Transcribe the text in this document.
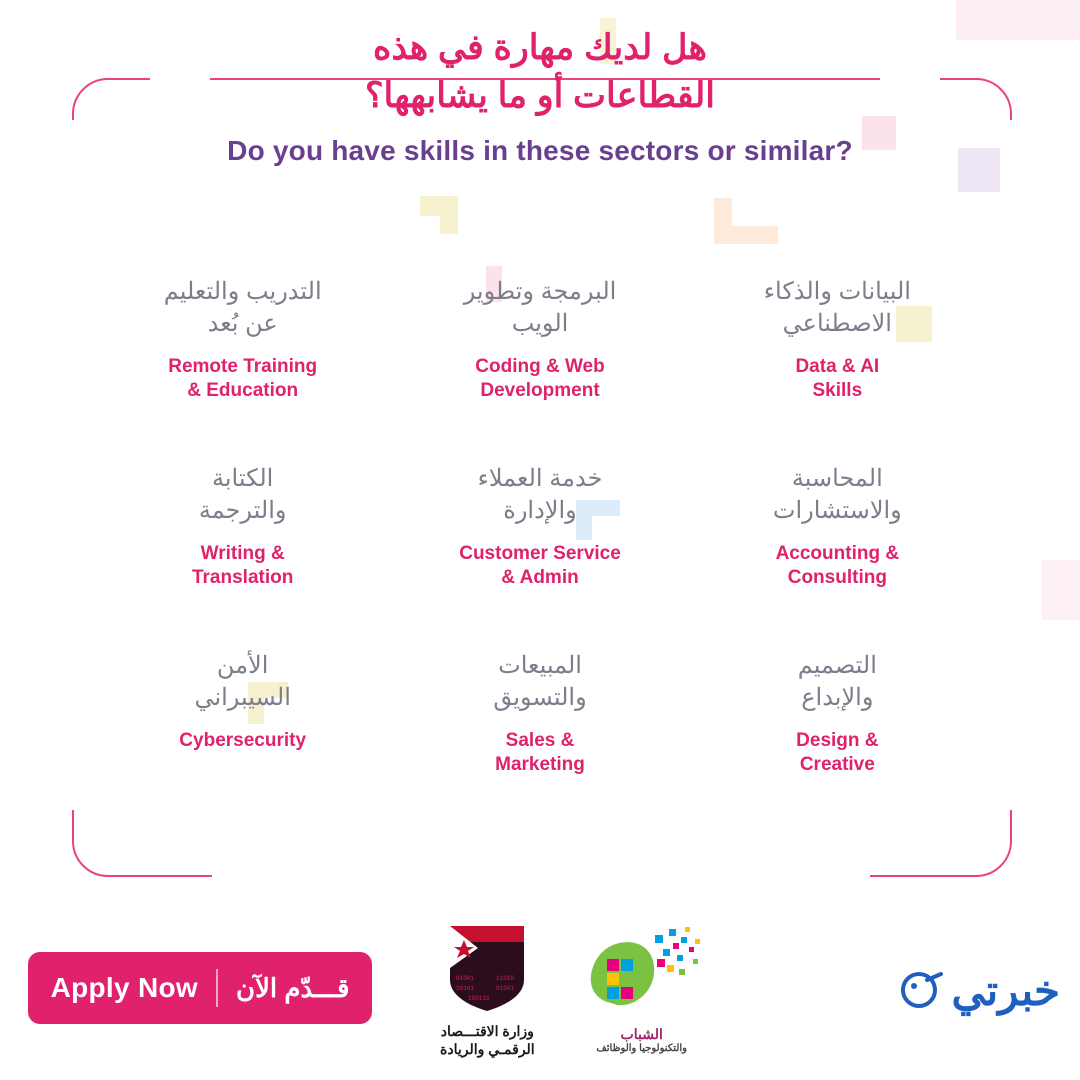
هل لديك مهارة في هذه
القطاعات أو ما يشابهها؟
Do you have skills in these sectors or similar?
البيانات والذكاء
الاصطناعي
Data & AI
Skills
البرمجة وتطوير
الويب
Coding & Web
Development
التدريب والتعليم
عن بُعد
Remote Training
& Education
المحاسبة
والاستشارات
Accounting &
Consulting
خدمة العملاء
والإدارة
Customer Service
& Admin
الكتابة
والترجمة
Writing &
Translation
التصميم
والإبداع
Design &
Creative
المبيعات
والتسويق
Sales &
Marketing
الأمن
السيبراني
Cybersecurity
Apply Now	قـــدّم الآن	01001	11010
10101	01001
100110
وزارة الاقتـــصاد
الرقمـي والريادة
الشباب
والتكنولوجيا والوظائف
خبرتي
